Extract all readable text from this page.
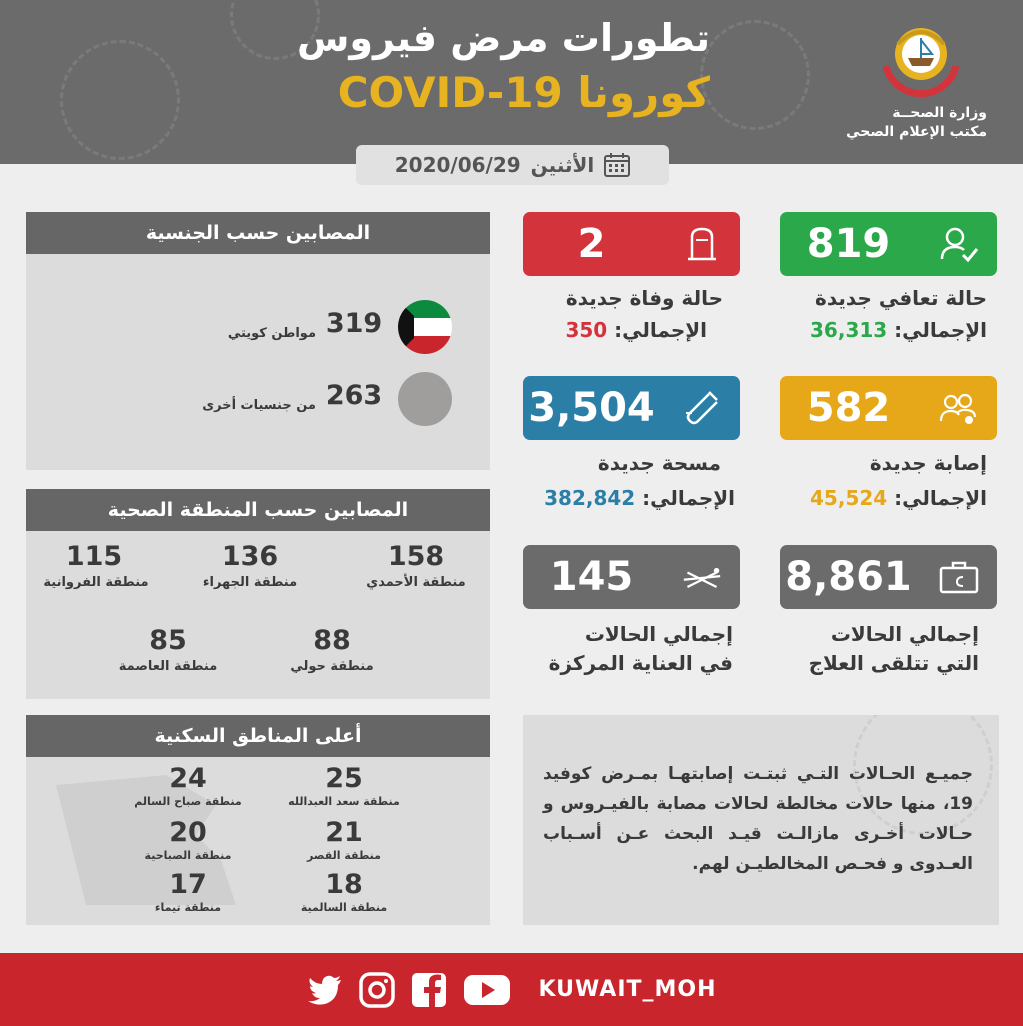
تطورات مرض فيروس
كورونا COVID-19	وزارة الصحــة
مكتب الإعلام الصحي
الأثنين
2020/06/29
819
حالة تعافي جديدة
الإجمالي: 36,313
582
إصابة جديدة
الإجمالي: 45,524
8,861
إجمالي الحالات
التي تتلقى العلاج
2
حالة وفاة جديدة
الإجمالي: 350
3,504
مسحة جديدة
الإجمالي: 382,842
145
إجمالي الحالات
في العناية المركزة
المصابين حسب الجنسية
319
مواطن كويتي
263
من جنسيات أخرى
المصابين حسب المنطقة الصحية
158
منطقة الأحمدي
136
منطقة الجهراء
115
منطقة الفروانية
88
منطقة حولي
85
منطقة العاصمة
أعلى المناطق السكنية
25
منطقة سعد العبدالله
24
منطقة صباح السالم
21
منطقة القصر
20
منطقة الصباحية
18
منطقة السالمية
17
منطقة تيماء

جميـع الحـالات التـي ثبتـت إصابتهـا بمـرض كوفيد 19، منها حالات مخالطة لحالات مصابة بالفيـروس و حـالات أخـرى مازالـت قيـد البحث عـن أسـباب العـدوى و فحـص المخالطيـن لهم.

KUWAIT_MOH
